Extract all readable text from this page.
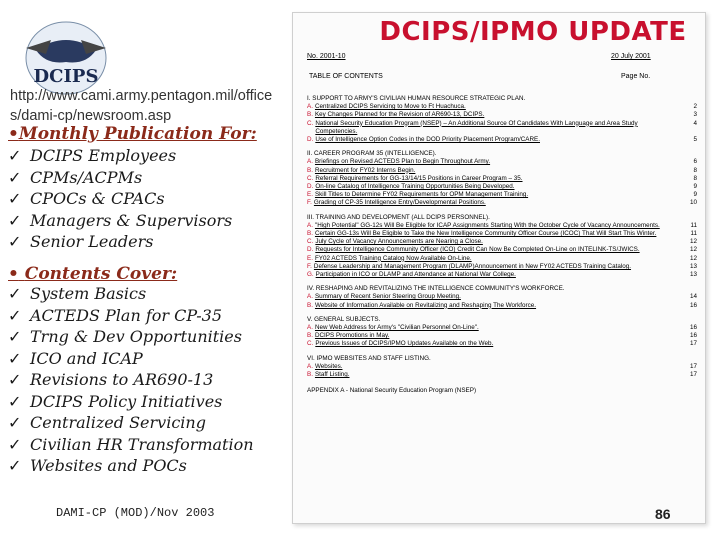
DCIPS
http://www.cami.army.pentagon.mil/office
s/dami-cp/newsroom.asp
•Monthly Publication For:
✓ DCIPS Employees
✓ CPMs/ACPMs
✓ CPOCs & CPACs
✓ Managers & Supervisors
✓ Senior Leaders
• Contents Cover:
✓ System Basics
✓ ACTEDS Plan for CP-35
✓ Trng & Dev Opportunities
✓ ICO and ICAP
✓ Revisions to AR690-13
✓ DCIPS Policy Initiatives
✓ Centralized Servicing
✓ Civilian HR Transformation
✓ Websites and POCs
DCIPS/IPMO UPDATE
No. 2001-10	20 July 2001
TABLE OF CONTENTS	Page No.
I. SUPPORT TO ARMY'S CIVILIAN HUMAN RESOURCE STRATEGIC PLAN.
A. Centralized DCIPS Servicing to Move to Ft Huachuca.	2
B. Key Changes Planned for the Revision of AR690-13, DCIPS.	3
C. National Security Education Program (NSEP) – An Additional Source Of Candidates With Language and Area Study Competencies.
4
D. Use of Intelligence Option Codes in the DOD Priority Placement Program/CARE.	5
II. CAREER PROGRAM 35 (INTELLIGENCE).
A. Briefings on Revised ACTEDS Plan to Begin Throughout Army.	6
B. Recruitment for FY02 Interns Begin.	8
C. Referral Requirements for GG-13/14/15 Positions in Career Program – 35.	8
D. On-line Catalog of Intelligence Training Opportunities Being Developed.	9
E. Skill Titles to Determine FY02 Requirements for OPM Management Training.	9
F. Grading of CP-35 Intelligence Entry/Developmental Positions.	10
III. TRAINING AND DEVELOPMENT (ALL DCIPS PERSONNEL).
A. "High Potential" GG-12s Will Be Eligible for ICAP Assignments Starting With the October Cycle of Vacancy Announcements.	11
B. Certain GG-13s Will Be Eligible to Take the New Intelligence Community Officer Course (ICOC) That Will Start This Winter.	11
C. July Cycle of Vacancy Announcements are Nearing a Close.	12
D. Requests for Intelligence Community Officer (ICO) Credit Can Now Be Completed On-Line on INTELINK-TS/JWICS.	12
E. FY02 ACTEDS Training Catalog Now Available On-Line.	12
F. Defense Leadership and Management Program (DLAMP)Announcement in New FY02 ACTEDS Training Catalog.	13
G. Participation in ICO or DLAMP and Attendance at National War College.	13
IV. RESHAPING AND REVITALIZING THE INTELLIGENCE COMMUNITY'S WORKFORCE.
A. Summary of Recent Senior Steering Group Meeting.	14
B. Website of Information Available on Revitalizing and Reshaping The Workforce.	16
V. GENERAL SUBJECTS.
A. New Web Address for Army's "Civilian Personnel On-Line".	16
B. DCIPS Promotions in May.	16
C. Previous Issues of DCIPS/IPMO Updates Available on the Web.	17
VI. IPMO WEBSITES AND STAFF LISTING.
A. Websites.	17
B. Staff Listing.	17
APPENDIX A - National Security Education Program (NSEP)
DAMI-CP (MOD)/Nov 2003	86
